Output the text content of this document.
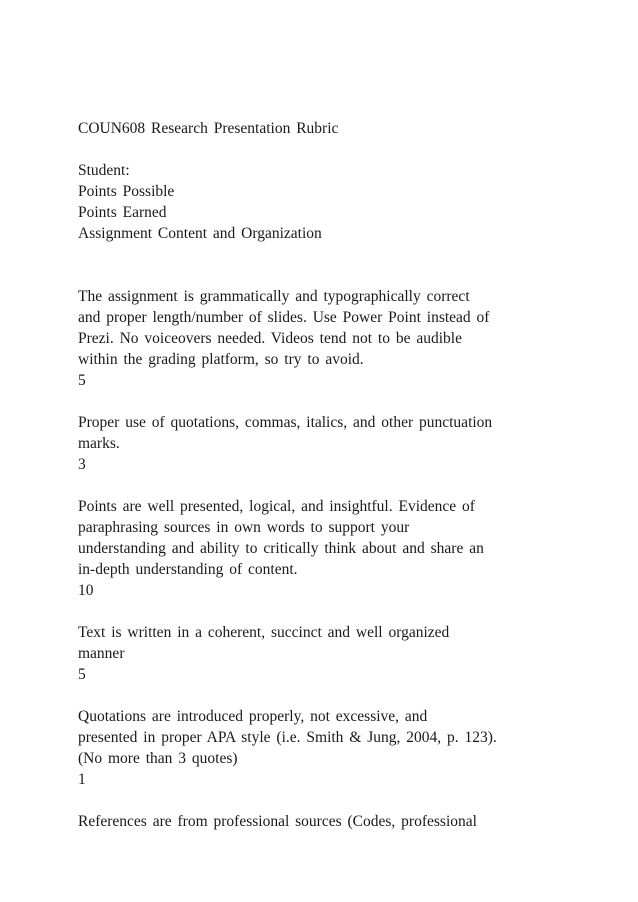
COUN608 Research Presentation Rubric
Student:
Points Possible
Points Earned
Assignment Content and Organization
The assignment is grammatically and typographically correct
and proper length/number of slides. Use Power Point instead of
Prezi. No voiceovers needed. Videos tend not to be audible
within the grading platform, so try to avoid.
5
Proper use of quotations, commas, italics, and other punctuation
marks.
3
Points are well presented, logical, and insightful. Evidence of
paraphrasing sources in own words to support your
understanding and ability to critically think about and share an
in-depth understanding of content.
10
Text is written in a coherent, succinct and well organized
manner
5
Quotations are introduced properly, not excessive, and
presented in proper APA style (i.e. Smith & Jung, 2004, p. 123).
(No more than 3 quotes)
1
References are from professional sources (Codes, professional
